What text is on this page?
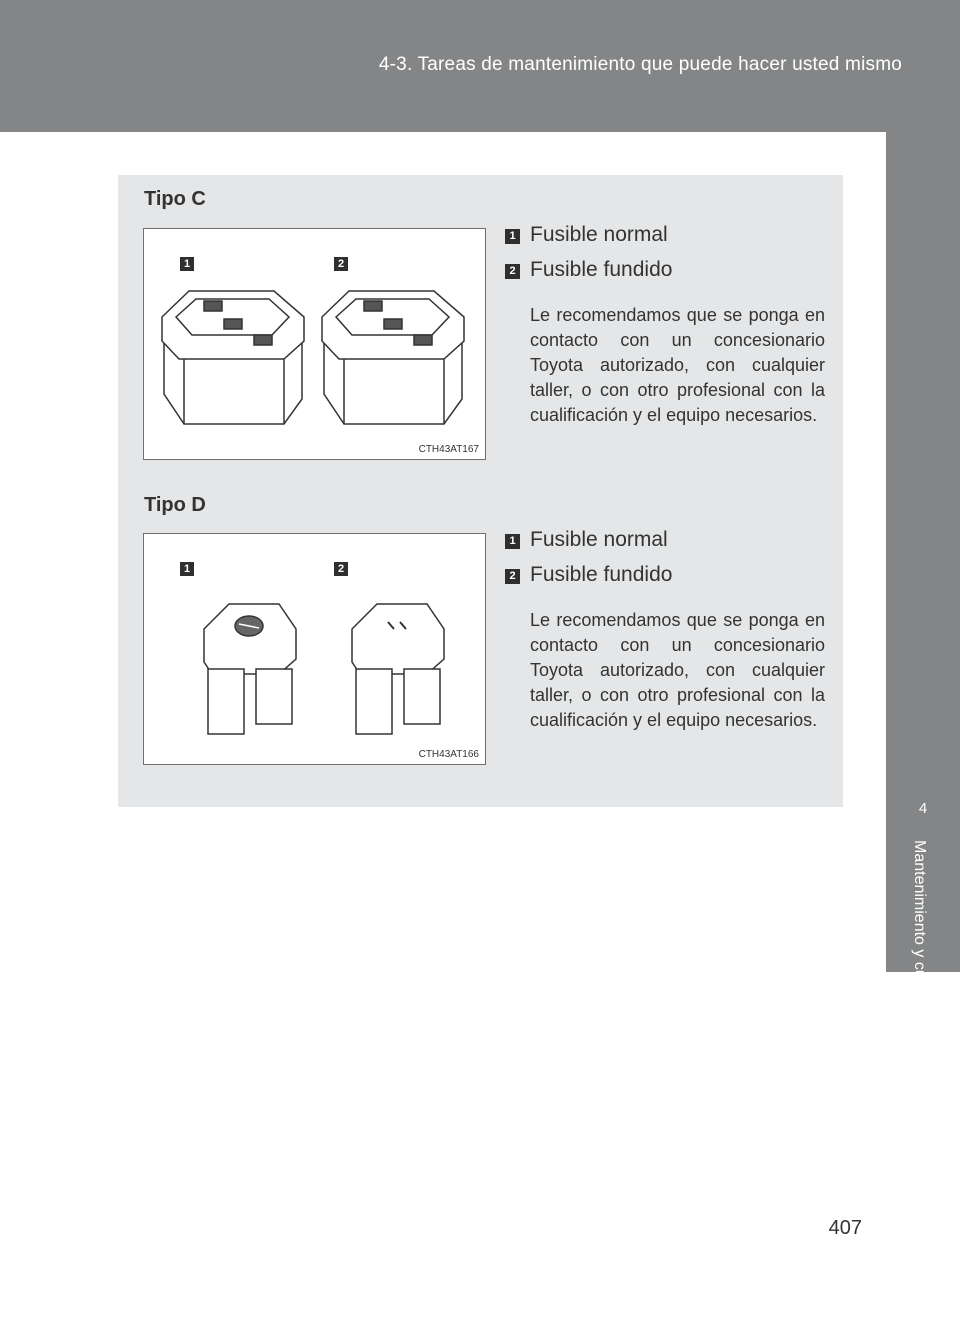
4-3. Tareas de mantenimiento que puede hacer usted mismo
4
Mantenimiento y cuidados
Tipo C
1	2
CTH43AT167
1 Fusible normal
2 Fusible fundido
Le recomendamos que se ponga en contacto con un concesionario Toyota autorizado, con cualquier taller, o con otro profesional con la cualificación y el equipo necesarios.
Tipo D
1	2
CTH43AT166
1 Fusible normal
2 Fusible fundido
Le recomendamos que se ponga en contacto con un concesionario Toyota autorizado, con cualquier taller, o con otro profesional con la cualificación y el equipo necesarios.
407
